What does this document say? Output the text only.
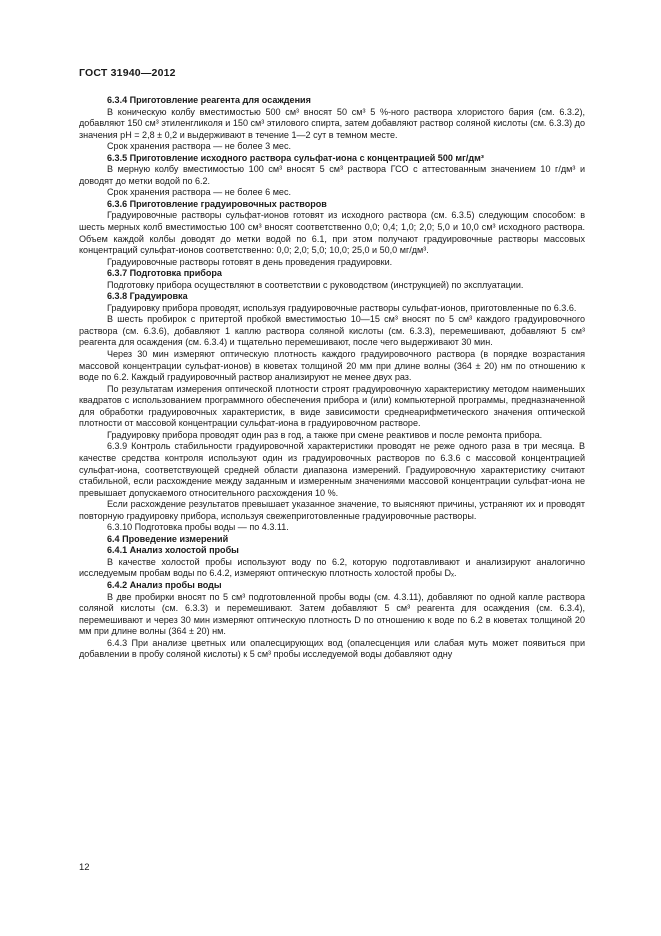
ГОСТ 31940—2012

6.3.4 Приготовление реагента для осаждения

В коническую колбу вместимостью 500 см³ вносят 50 см³ 5 %-ного раствора хлористого бария (см. 6.3.2), добавляют 150 см³ этиленгликоля и 150 см³ этилового спирта, затем добавляют раствор соляной кислоты (см. 6.3.3) до значения pH = 2,8 ± 0,2 и выдерживают в течение 1—2 сут в темном месте.

Срок хранения раствора — не более 3 мес.

6.3.5 Приготовление исходного раствора сульфат-иона с концентрацией 500 мг/дм³

В мерную колбу вместимостью 100 см³ вносят 5 см³ раствора ГСО с аттестованным значением 10 г/дм³ и доводят до метки водой по 6.2.

Срок хранения раствора — не более 6 мес.

6.3.6 Приготовление градуировочных растворов

Градуировочные растворы сульфат-ионов готовят из исходного раствора (см. 6.3.5) следующим способом: в шесть мерных колб вместимостью 100 см³ вносят соответственно 0,0; 0,4; 1,0; 2,0; 5,0 и 10,0 см³ исходного раствора. Объем каждой колбы доводят до метки водой по 6.1, при этом получают градуировочные растворы массовых концентраций сульфат-ионов соответственно: 0,0; 2,0; 5,0; 10,0; 25,0 и 50,0 мг/дм³.

Градуировочные растворы готовят в день проведения градуировки.

6.3.7 Подготовка прибора

Подготовку прибора осуществляют в соответствии с руководством (инструкцией) по эксплуатации.

6.3.8 Градуировка

Градуировку прибора проводят, используя градуировочные растворы сульфат-ионов, приготовленные по 6.3.6.

В шесть пробирок с притертой пробкой вместимостью 10—15 см³ вносят по 5 см³ каждого градуировочного раствора (см. 6.3.6), добавляют 1 каплю раствора соляной кислоты (см. 6.3.3), перемешивают, добавляют 5 см³ реагента для осаждения (см. 6.3.4) и тщательно перемешивают, после чего выдерживают 30 мин.

Через 30 мин измеряют оптическую плотность каждого градуировочного раствора (в порядке возрастания массовой концентрации сульфат-ионов) в кюветах толщиной 20 мм при длине волны (364 ± 20) нм по отношению к воде по 6.2. Каждый градуировочный раствор анализируют не менее двух раз.

По результатам измерения оптической плотности строят градуировочную характеристику методом наименьших квадратов с использованием программного обеспечения прибора и (или) компьютерной программы, предназначенной для обработки градуировочных характеристик, в виде зависимости среднеарифметического значения оптической плотности от массовой концентрации сульфат-иона в градуировочном растворе.

Градуировку прибора проводят один раз в год, а также при смене реактивов и после ремонта прибора.

6.3.9 Контроль стабильности градуировочной характеристики проводят не реже одного раза в три месяца. В качестве средства контроля используют один из градуировочных растворов по 6.3.6 с массовой концентрацией сульфат-иона, соответствующей средней области диапазона измерений. Градуировочную характеристику считают стабильной, если расхождение между заданным и измеренным значениями массовой концентрации сульфат-иона не превышает допускаемого относительного расхождения 10 %.

Если расхождение результатов превышает указанное значение, то выясняют причины, устраняют их и проводят повторную градуировку прибора, используя свежеприготовленные градуировочные растворы.

6.3.10 Подготовка пробы воды — по 4.3.11.

6.4 Проведение измерений

6.4.1 Анализ холостой пробы

В качестве холостой пробы используют воду по 6.2, которую подготавливают и анализируют аналогично исследуемым пробам воды по 6.4.2, измеряют оптическую плотность холостой пробы Dₓ.

6.4.2 Анализ пробы воды

В две пробирки вносят по 5 см³ подготовленной пробы воды (см. 4.3.11), добавляют по одной капле раствора соляной кислоты (см. 6.3.3) и перемешивают. Затем добавляют 5 см³ реагента для осаждения (см. 6.3.4), перемешивают и через 30 мин измеряют оптическую плотность D по отношению к воде по 6.2 в кюветах толщиной 20 мм при длине волны (364 ± 20) нм.

6.4.3 При анализе цветных или опалесцирующих вод (опалесценция или слабая муть может появиться при добавлении в пробу соляной кислоты) к 5 см³ пробы исследуемой воды добавляют одну

12
